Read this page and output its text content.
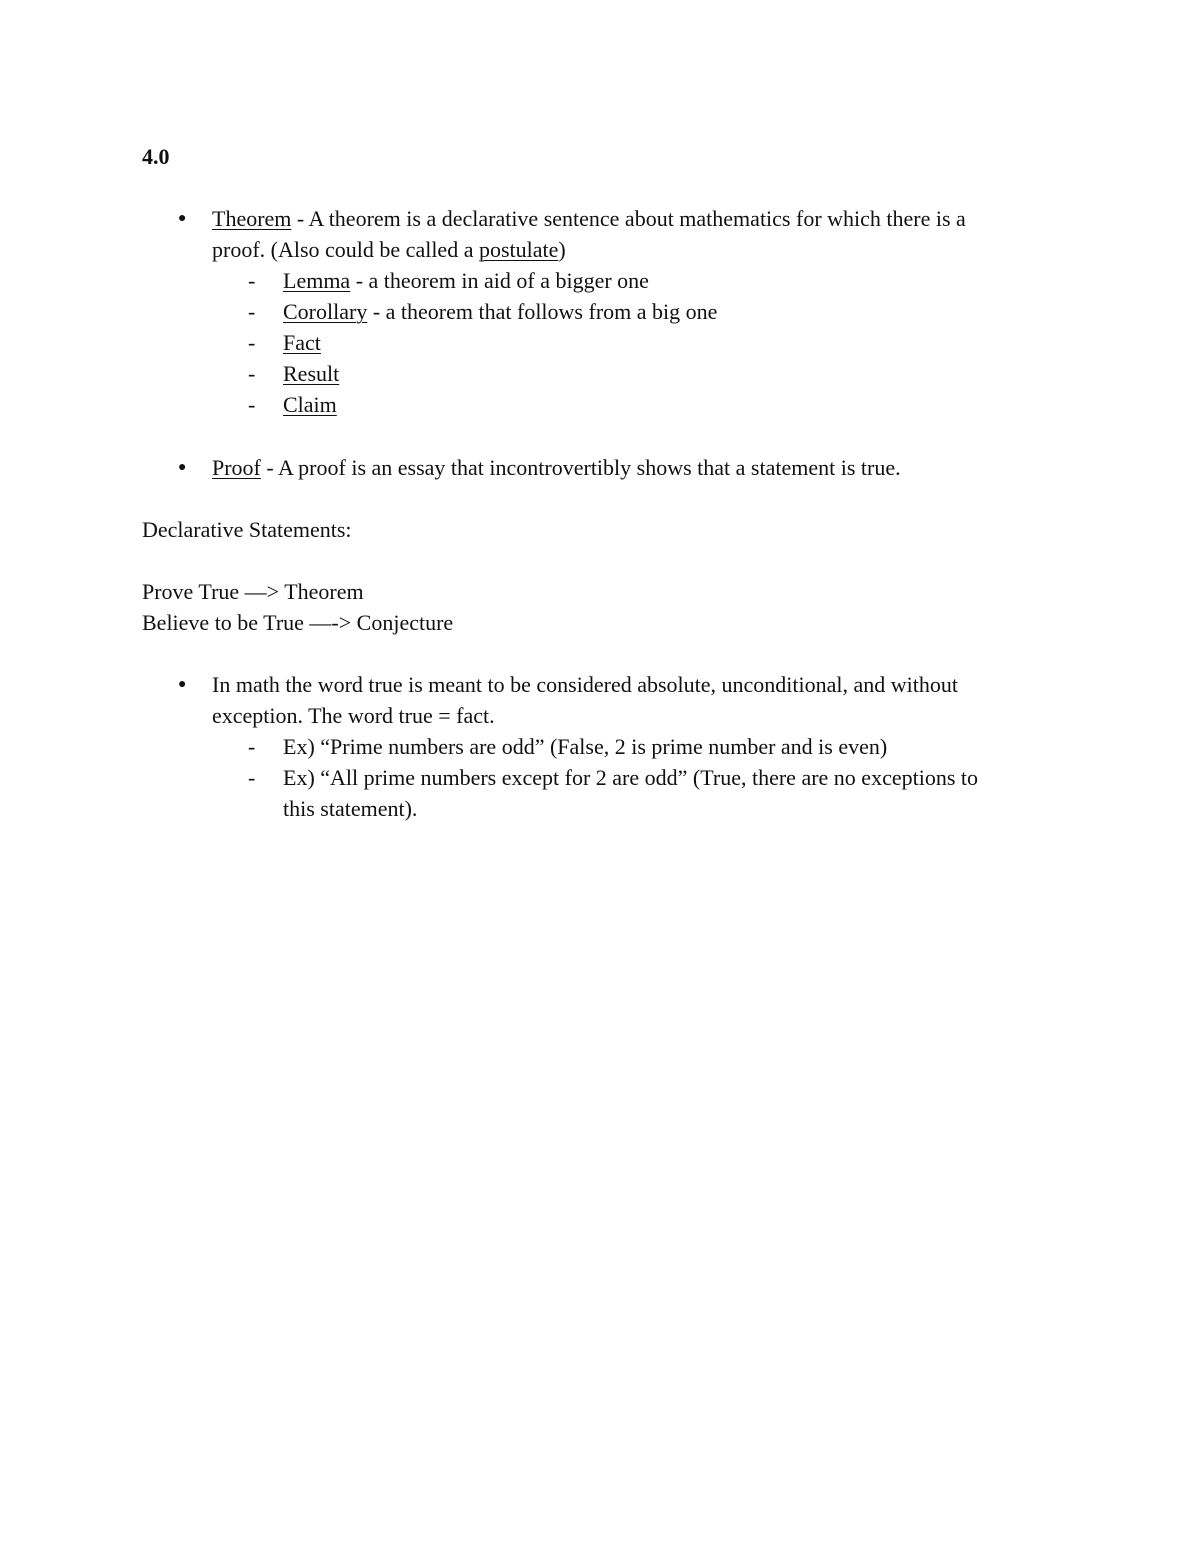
4.0
● Theorem - A theorem is a declarative sentence about mathematics for which there is a
proof. (Also could be called a postulate)
- Lemma - a theorem in aid of a bigger one
- Corollary - a theorem that follows from a big one
- Fact
- Result
- Claim
● Proof - A proof is an essay that incontrovertibly shows that a statement is true.
Declarative Statements:
Prove True —> Theorem
Believe to be True —-> Conjecture
● In math the word true is meant to be considered absolute, unconditional, and without
exception. The word true = fact.
- Ex) “Prime numbers are odd” (False, 2 is prime number and is even)
- Ex) “All prime numbers except for 2 are odd” (True, there are no exceptions to
this statement).
